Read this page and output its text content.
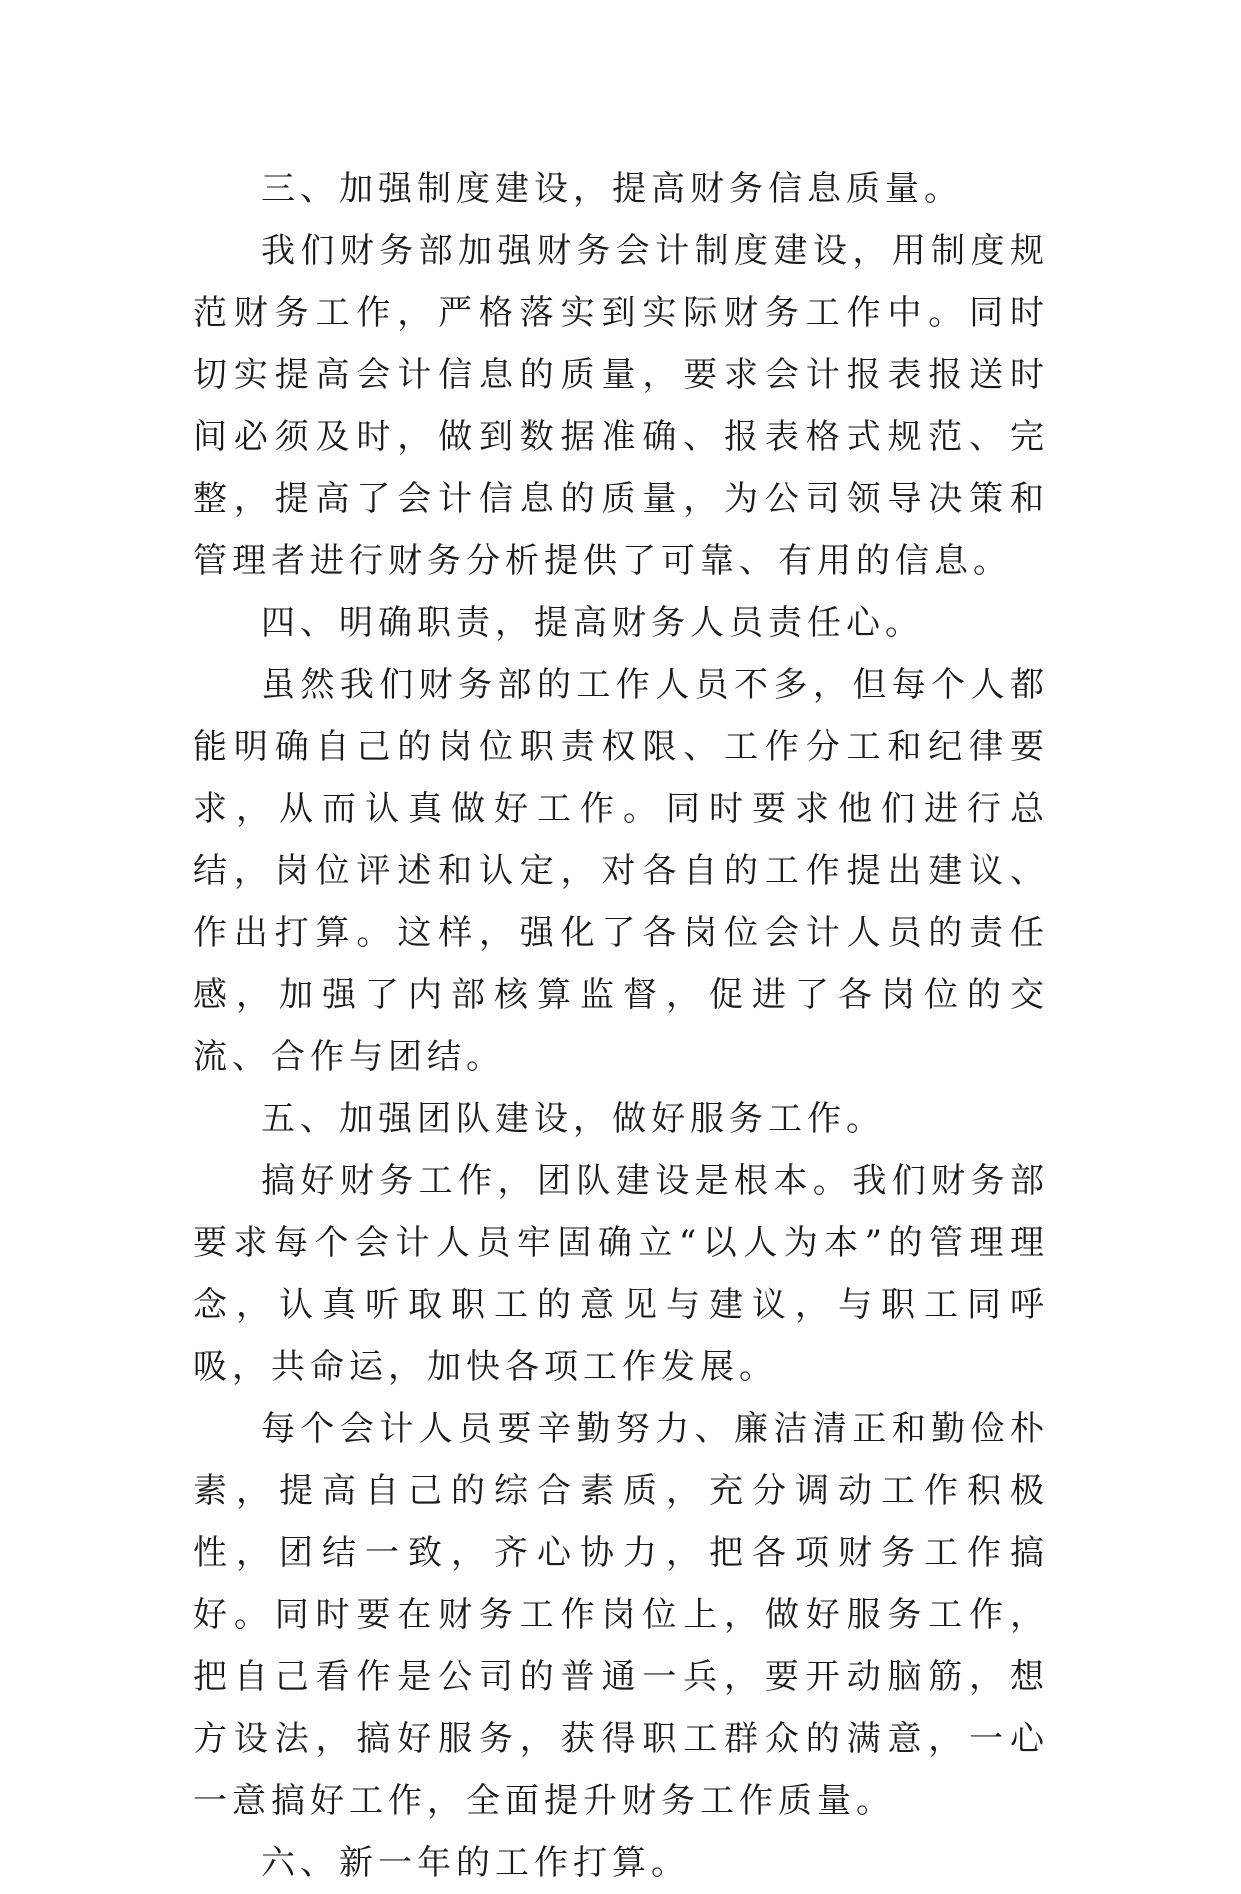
三、加强制度建设，提高财务信息质量。

我们财务部加强财务会计制度建设，用制度规范财务工作，严格落实到实际财务工作中。同时切实提高会计信息的质量，要求会计报表报送时间必须及时，做到数据准确、报表格式规范、完整，提高了会计信息的质量，为公司领导决策和管理者进行财务分析提供了可靠、有用的信息。

四、明确职责，提高财务人员责任心。

虽然我们财务部的工作人员不多，但每个人都能明确自己的岗位职责权限、工作分工和纪律要求，从而认真做好工作。同时要求他们进行总结，岗位评述和认定，对各自的工作提出建议、作出打算。这样，强化了各岗位会计人员的责任感，加强了内部核算监督，促进了各岗位的交流、合作与团结。

五、加强团队建设，做好服务工作。

搞好财务工作，团队建设是根本。我们财务部要求每个会计人员牢固确立“以人为本”的管理理念，认真听取职工的意见与建议，与职工同呼吸，共命运，加快各项工作发展。

每个会计人员要辛勤努力、廉洁清正和勤俭朴素，提高自己的综合素质，充分调动工作积极性，团结一致，齐心协力，把各项财务工作搞好。同时要在财务工作岗位上，做好服务工作，把自己看作是公司的普通一兵，要开动脑筋，想方设法，搞好服务，获得职工群众的满意，一心一意搞好工作，全面提升财务工作质量。

六、新一年的工作打算。
